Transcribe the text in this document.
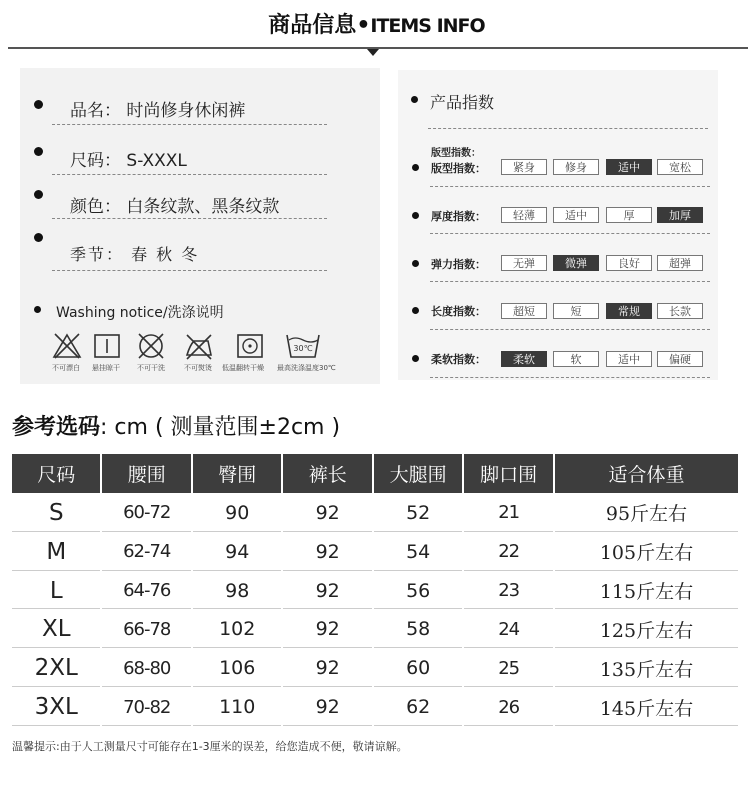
商品信息•ITEMS INFO
品名： 时尚修身休闲裤
尺码： S-XXXL
颜色： 白条纹款、黑条纹款
季节： 春 秋 冬
Washing notice/洗涤说明
不可漂白 悬挂晾干 不可干洗	不可熨烫 低温翻转干燥
30℃
最高洗涤温度30℃
产品指数
版型指数：
版型指数：	紧身	修身	适中	宽松
厚度指数：	轻薄	适中	厚	加厚
弹力指数：	无弹	微弹	良好	超弹
长度指数：	超短	短	常规	长款
柔软指数：	柔软	软	适中	偏硬
参考选码: cm ( 测量范围±2cm )
尺码	腰围	臀围	裤长	大腿围	脚口围	适合体重
S	60-72	90	92	52	21	95斤左右
M	62-74	94	92	54	22	105斤左右
L	64-76	98	92	56	23	115斤左右
XL	66-78	102	92	58	24	125斤左右
2XL	68-80	106	92	60	25	135斤左右
3XL	70-82	110	92	62	26	145斤左右
温馨提示:由于人工测量尺寸可能存在1-3厘米的误差，给您造成不便，敬请谅解。
